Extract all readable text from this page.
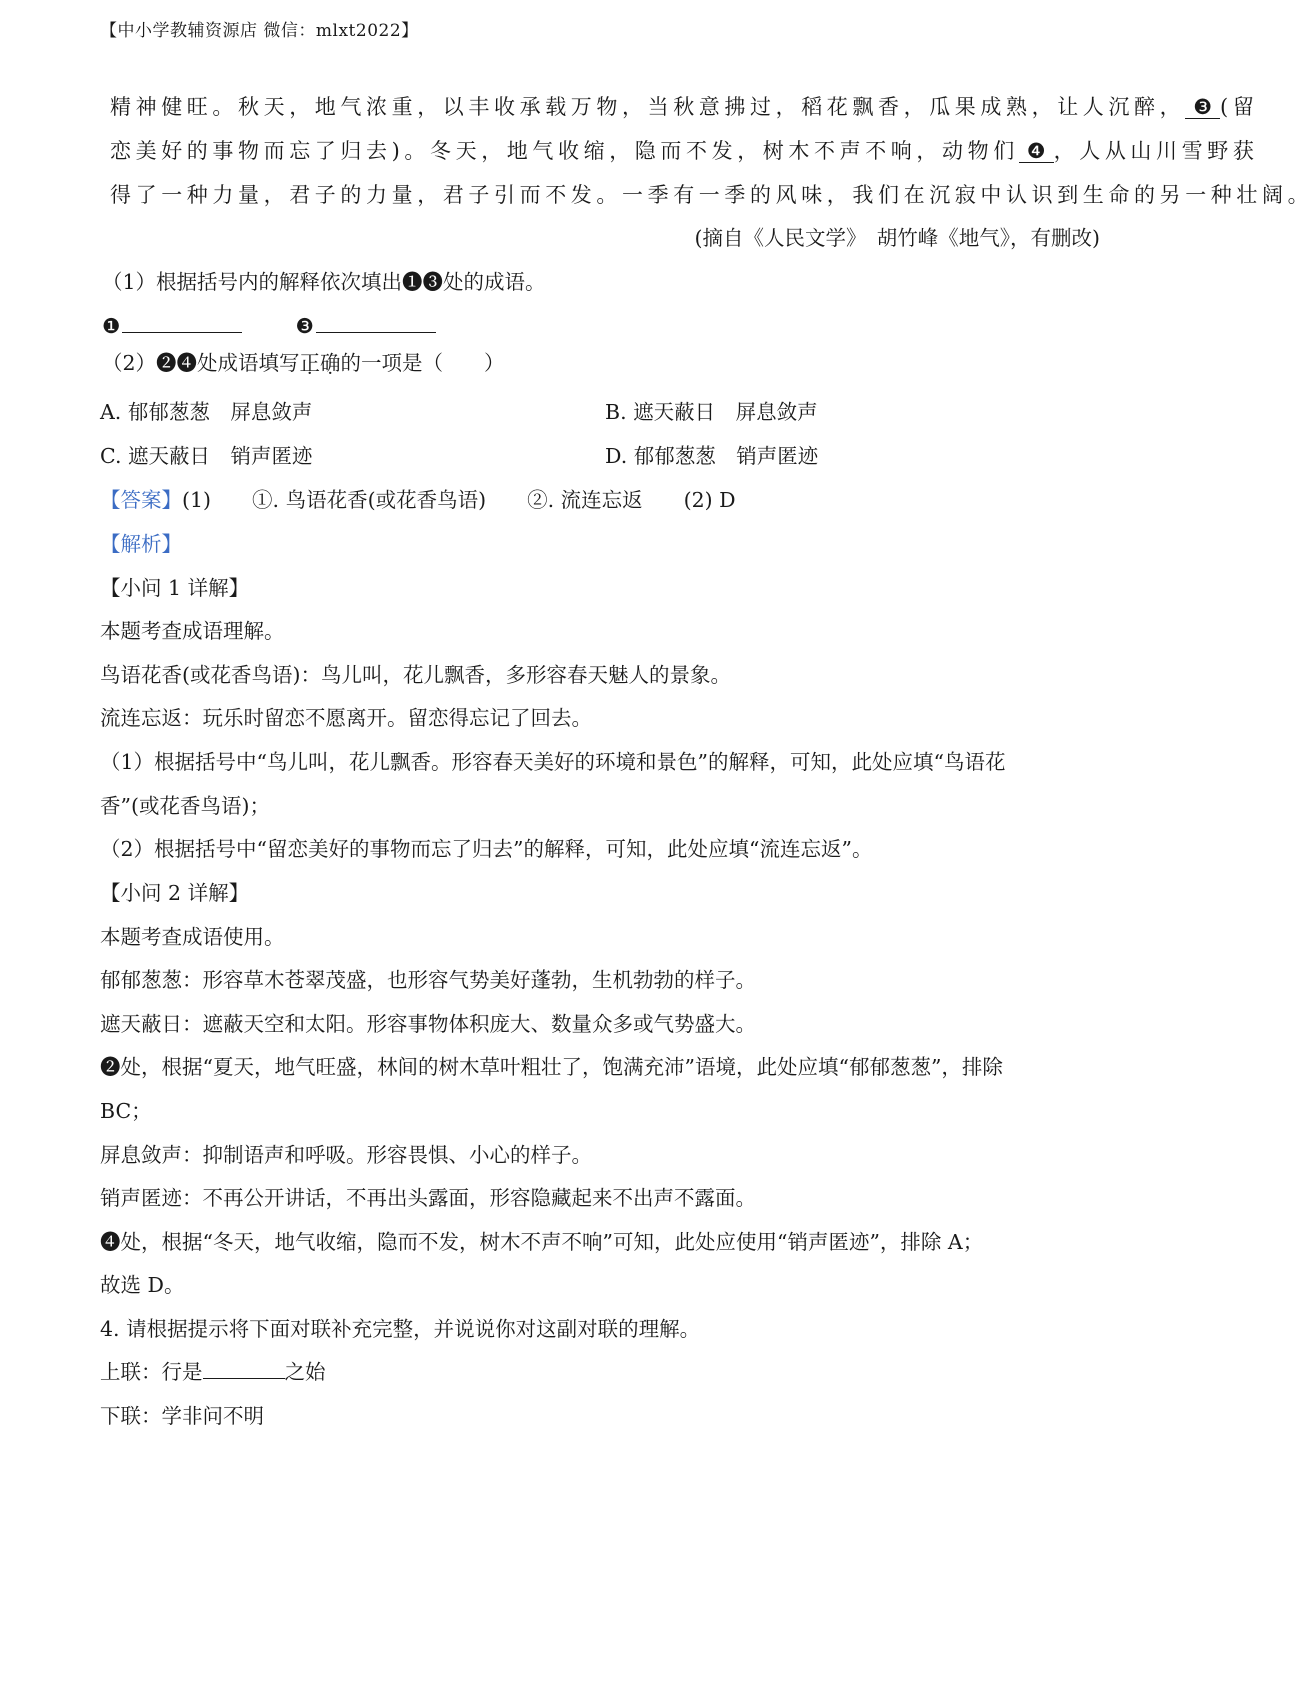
【中小学教辅资源店 微信：mlxt2022】
精神健旺。秋天，地气浓重，以丰收承载万物，当秋意拂过，稻花飘香，瓜果成熟，让人沉醉， ❸ (留
恋美好的事物而忘了归去)。冬天，地气收缩，隐而不发，树木不声不响，动物们 ❹ ，人从山川雪野获
得了一种力量，君子的力量，君子引而不发。一季有一季的风味，我们在沉寂中认识到生命的另一种壮阔。
(摘自《人民文学》　胡竹峰《地气》，有删改)
（1）根据括号内的解释依次填出❶❸处的成语。
❶	❸
（2）❷❹处成语填写正确的一项是（　　）
A. 郁郁葱葱　屏息敛声	B. 遮天蔽日　屏息敛声
C. 遮天蔽日　销声匿迹	D. 郁郁葱葱　销声匿迹
【答案】(1)　　①. 鸟语花香(或花香鸟语)　　②. 流连忘返　　(2) D
【解析】
【小问 1 详解】
本题考查成语理解。
鸟语花香(或花香鸟语)：鸟儿叫，花儿飘香，多形容春天魅人的景象。
流连忘返：玩乐时留恋不愿离开。留恋得忘记了回去。
（1）根据括号中“鸟儿叫，花儿飘香。形容春天美好的环境和景色”的解释，可知，此处应填“鸟语花
香”(或花香鸟语)；
（2）根据括号中“留恋美好的事物而忘了归去”的解释，可知，此处应填“流连忘返”。
【小问 2 详解】
本题考查成语使用。
郁郁葱葱：形容草木苍翠茂盛，也形容气势美好蓬勃，生机勃勃的样子。
遮天蔽日：遮蔽天空和太阳。形容事物体积庞大、数量众多或气势盛大。
❷处，根据“夏天，地气旺盛，林间的树木草叶粗壮了，饱满充沛”语境，此处应填“郁郁葱葱”，排除
BC；
屏息敛声：抑制语声和呼吸。形容畏惧、小心的样子。
销声匿迹：不再公开讲话，不再出头露面，形容隐藏起来不出声不露面。
❹处，根据“冬天，地气收缩，隐而不发，树木不声不响”可知，此处应使用“销声匿迹”，排除 A；
故选 D。
4. 请根据提示将下面对联补充完整，并说说你对这副对联的理解。
上联：行是	之始
下联：学非问不明
